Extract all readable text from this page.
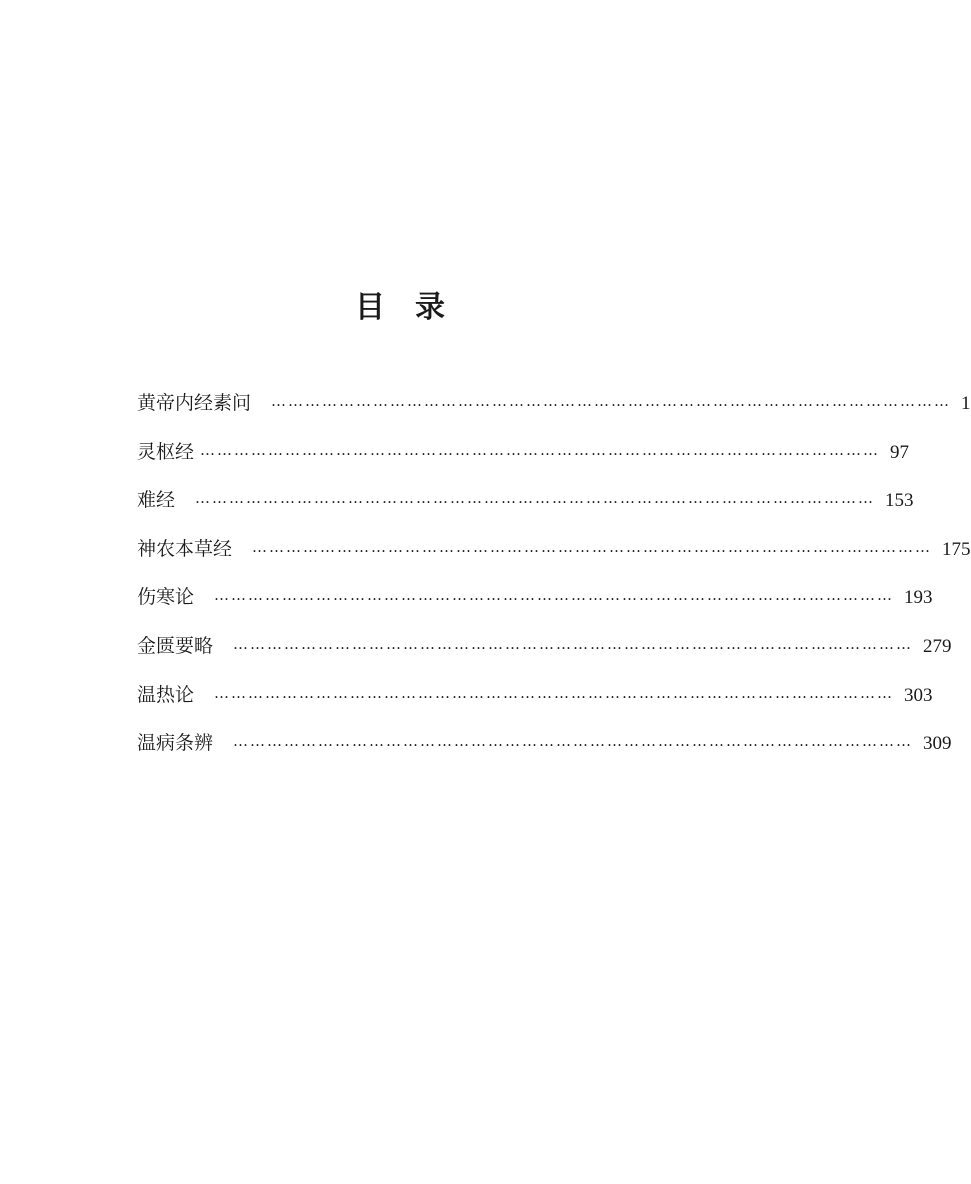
目 录
黄帝内经素问 ………………………………………………………………………………………………………… 1
灵枢经 ………………………………………………………………………………………………………… 97
难经 ………………………………………………………………………………………………………… 153
神农本草经 ………………………………………………………………………………………………………… 175
伤寒论 ………………………………………………………………………………………………………… 193
金匮要略 ………………………………………………………………………………………………………… 279
温热论 ………………………………………………………………………………………………………… 303
温病条辨 ………………………………………………………………………………………………………… 309
